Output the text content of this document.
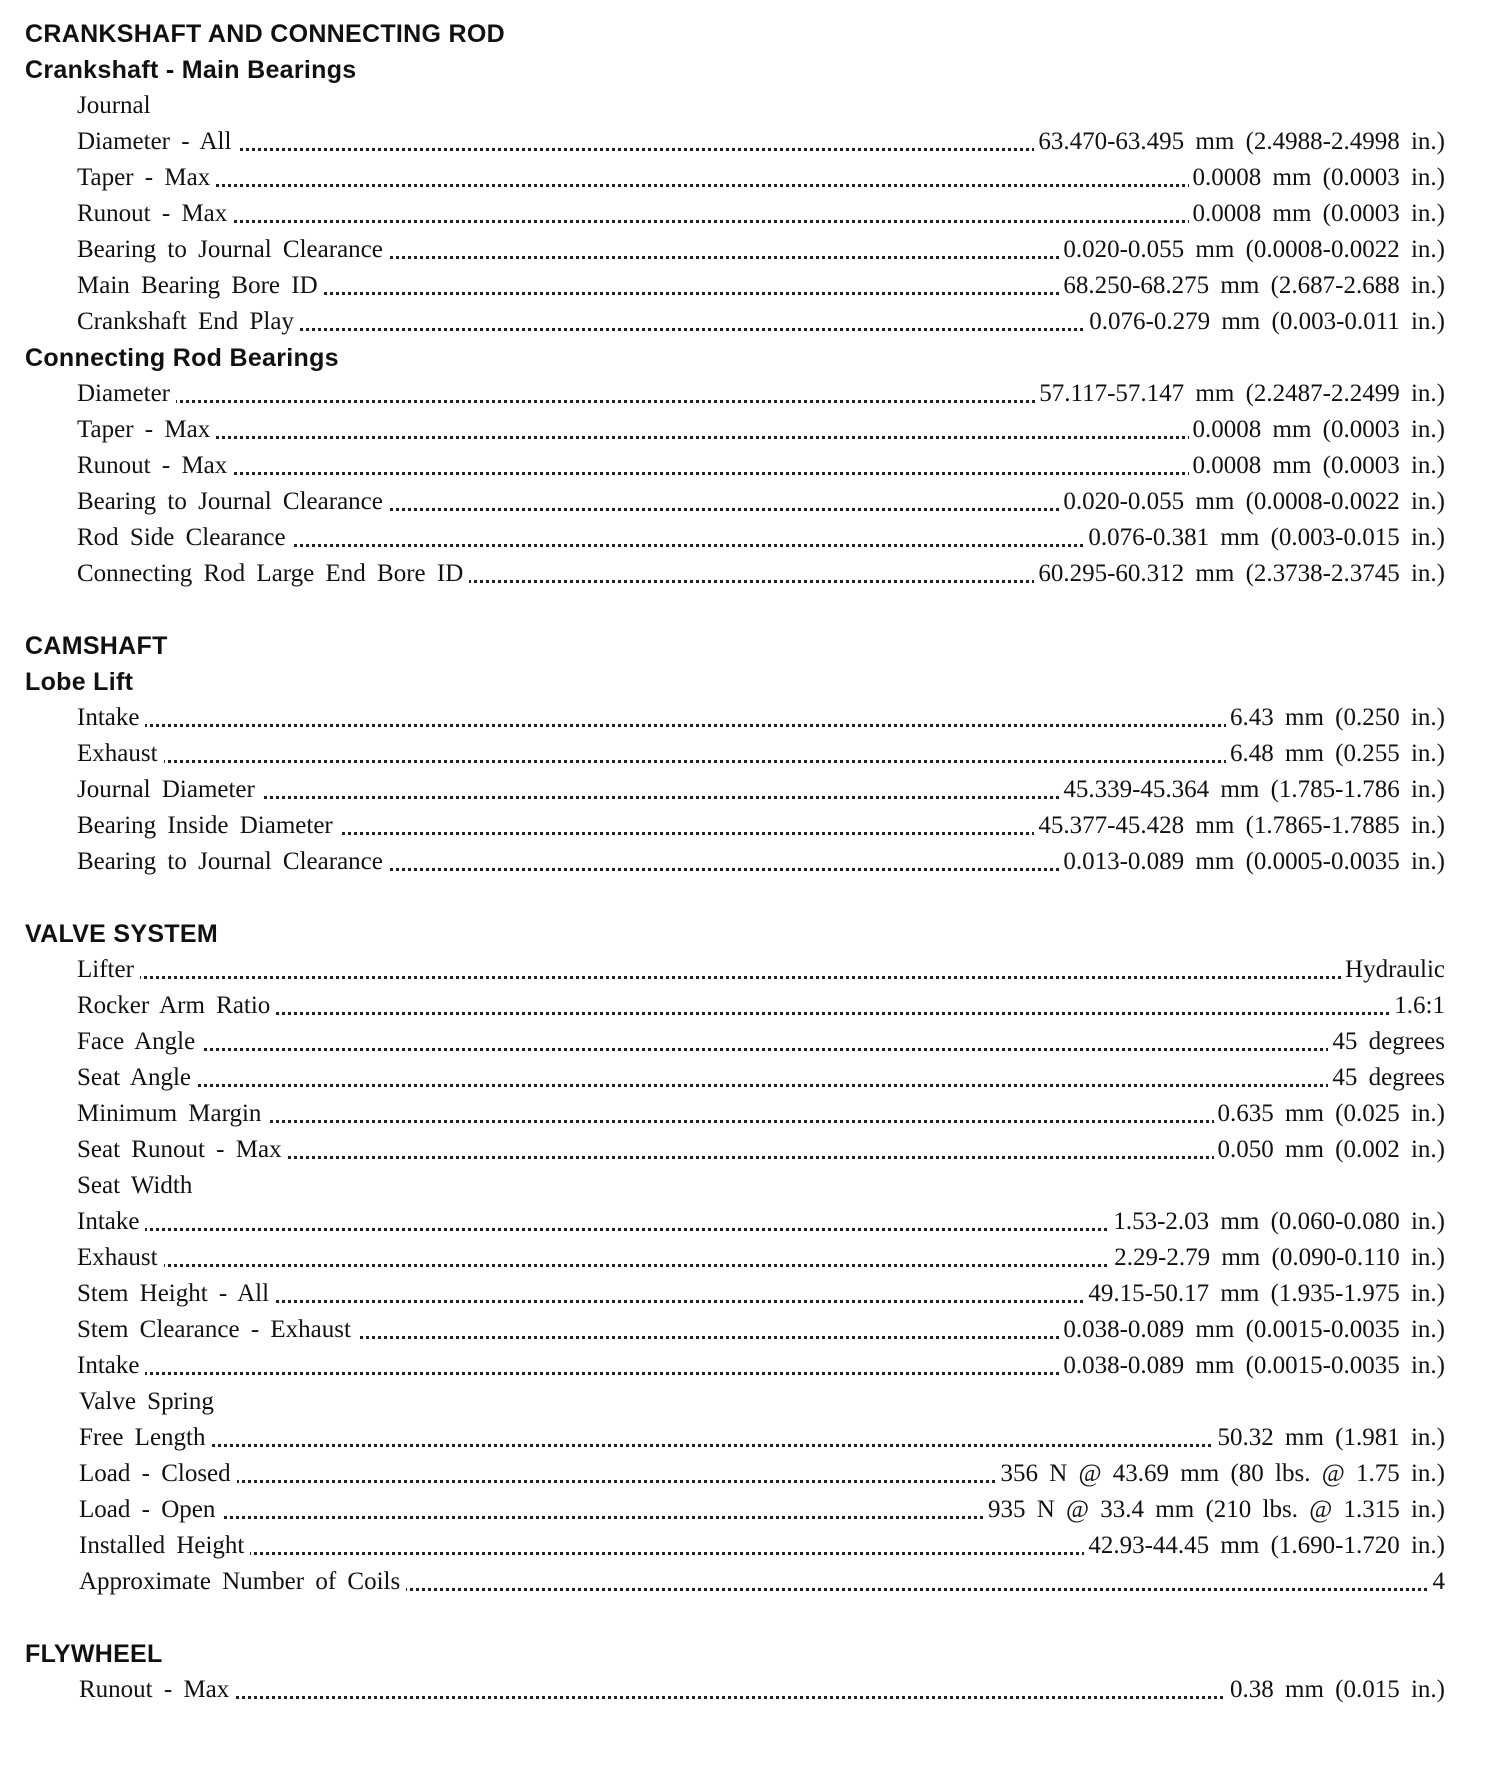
CRANKSHAFT AND CONNECTING ROD
Crankshaft - Main Bearings
Journal
Diameter - All	63.470-63.495 mm (2.4988-2.4998 in.)
Taper - Max	0.0008 mm (0.0003 in.)
Runout - Max	0.0008 mm (0.0003 in.)
Bearing to Journal Clearance	0.020-0.055 mm (0.0008-0.0022 in.)
Main Bearing Bore ID	68.250-68.275 mm (2.687-2.688 in.)
Crankshaft End Play	0.076-0.279 mm (0.003-0.011 in.)
Connecting Rod Bearings
Diameter	57.117-57.147 mm (2.2487-2.2499 in.)
Taper - Max	0.0008 mm (0.0003 in.)
Runout - Max	0.0008 mm (0.0003 in.)
Bearing to Journal Clearance	0.020-0.055 mm (0.0008-0.0022 in.)
Rod Side Clearance	0.076-0.381 mm (0.003-0.015 in.)
Connecting Rod Large End Bore ID	60.295-60.312 mm (2.3738-2.3745 in.)
CAMSHAFT
Lobe Lift
Intake	6.43 mm (0.250 in.)
Exhaust	6.48 mm (0.255 in.)
Journal Diameter	45.339-45.364 mm (1.785-1.786 in.)
Bearing Inside Diameter	45.377-45.428 mm (1.7865-1.7885 in.)
Bearing to Journal Clearance	0.013-0.089 mm (0.0005-0.0035 in.)
VALVE SYSTEM
Lifter	Hydraulic
Rocker Arm Ratio	1.6:1
Face Angle	45 degrees
Seat Angle	45 degrees
Minimum Margin	0.635 mm (0.025 in.)
Seat Runout - Max	0.050 mm (0.002 in.)
Seat Width
Intake	1.53-2.03 mm (0.060-0.080 in.)
Exhaust	2.29-2.79 mm (0.090-0.110 in.)
Stem Height - All	49.15-50.17 mm (1.935-1.975 in.)
Stem Clearance - Exhaust	0.038-0.089 mm (0.0015-0.0035 in.)
Intake	0.038-0.089 mm (0.0015-0.0035 in.)
Valve Spring
Free Length	50.32 mm (1.981 in.)
Load - Closed	356 N @ 43.69 mm (80 lbs. @ 1.75 in.)
Load - Open	935 N @ 33.4 mm (210 lbs. @ 1.315 in.)
Installed Height	42.93-44.45 mm (1.690-1.720 in.)
Approximate Number of Coils	4
FLYWHEEL
Runout - Max	0.38 mm (0.015 in.)
